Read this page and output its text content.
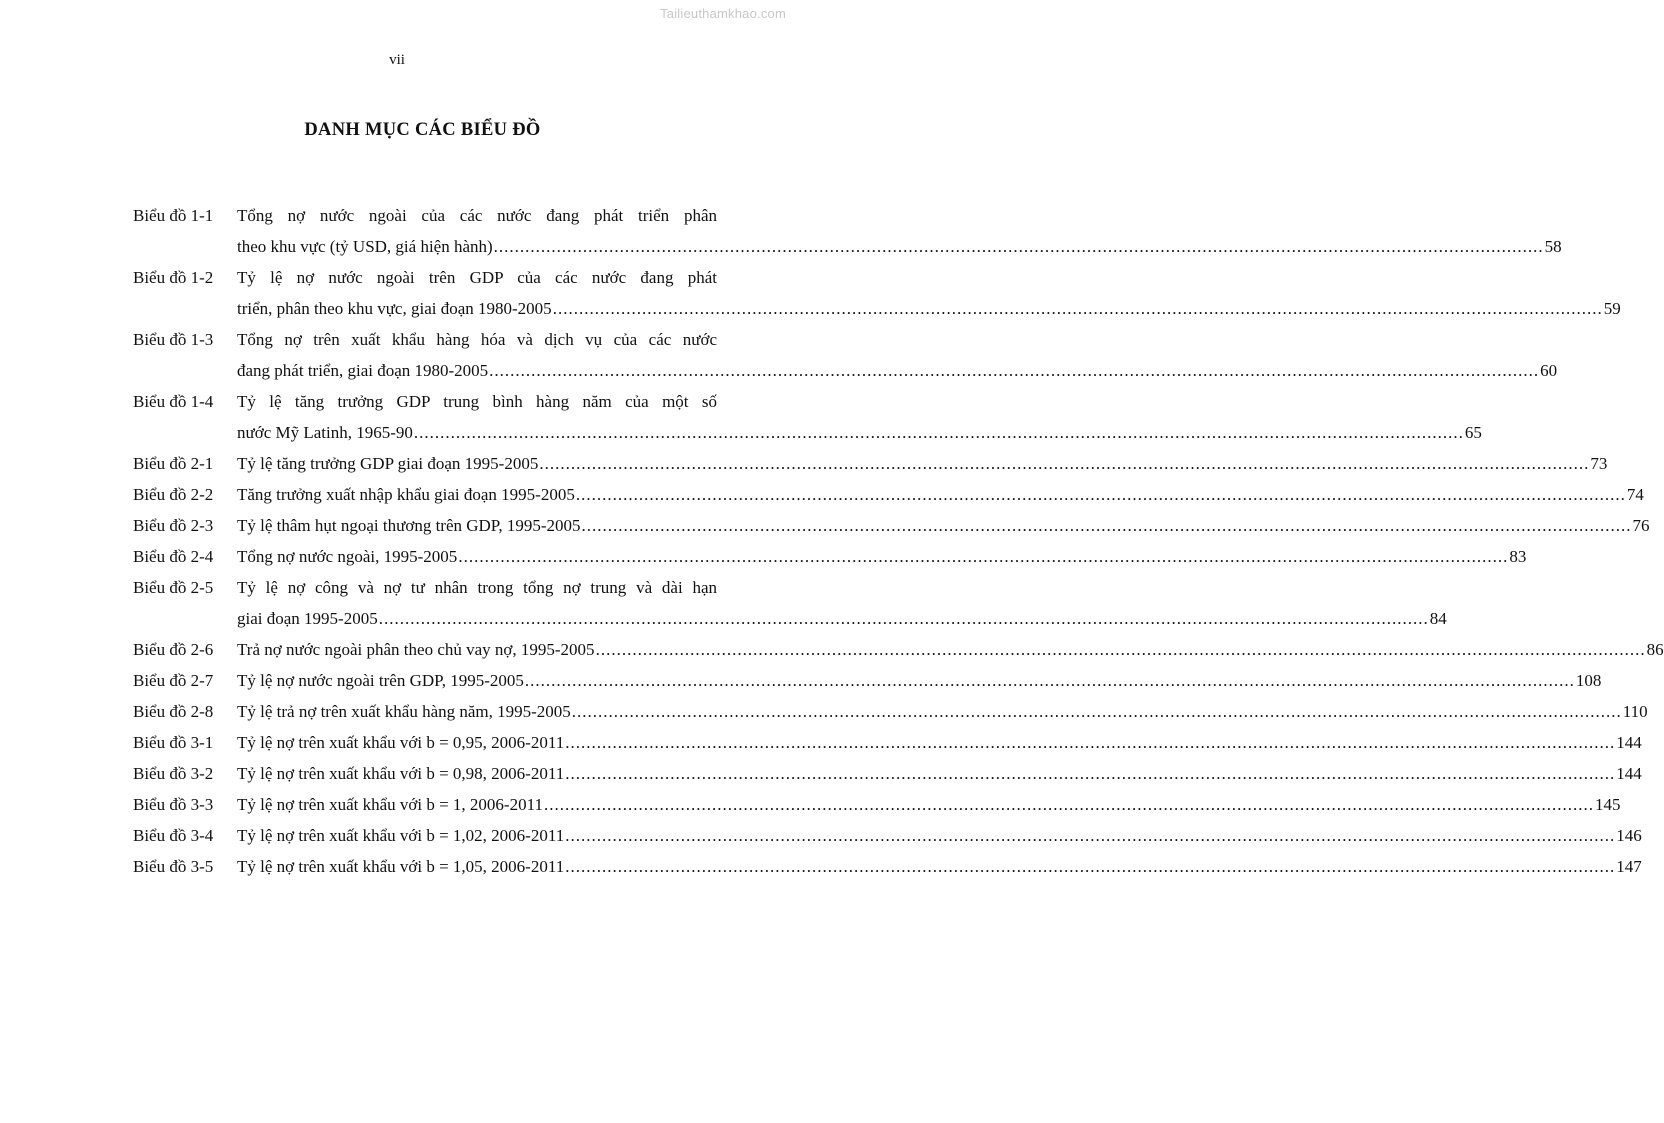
Tailieuthamkhao.com
vii
DANH MỤC CÁC BIỂU ĐỒ
Biểu đồ 1-1	Tổng nợ nước ngoài của các nước đang phát triển phân
theo khu vực (tỷ USD, giá hiện hành) ........................................................................................................................................................................................................ 58
Biểu đồ 1-2	Tỷ lệ nợ nước ngoài trên GDP của các nước đang phát
triển, phân theo khu vực, giai đoạn 1980-2005 ........................................................................................................................................................................................................ 59
Biểu đồ 1-3	Tổng nợ trên xuất khẩu hàng hóa và dịch vụ của các nước
đang phát triển, giai đoạn 1980-2005 ........................................................................................................................................................................................................ 60
Biểu đồ 1-4	Tỷ lệ tăng trưởng GDP trung bình hàng năm của một số
nước Mỹ Latinh, 1965-90 ........................................................................................................................................................................................................ 65
Biểu đồ 2-1	Tỷ lệ tăng trưởng GDP giai đoạn 1995-2005 ........................................................................................................................................................................................................ 73
Biểu đồ 2-2	Tăng trưởng xuất nhập khẩu giai đoạn 1995-2005 ........................................................................................................................................................................................................ 74
Biểu đồ 2-3	Tỷ lệ thâm hụt ngoại thương trên GDP, 1995-2005 ........................................................................................................................................................................................................ 76
Biểu đồ 2-4	Tổng nợ nước ngoài, 1995-2005 ........................................................................................................................................................................................................ 83
Biểu đồ 2-5	Tỷ lệ nợ công và nợ tư nhân trong tổng nợ trung và dài hạn
giai đoạn 1995-2005 ........................................................................................................................................................................................................ 84
Biểu đồ 2-6	Trả nợ nước ngoài phân theo chủ vay nợ, 1995-2005 ........................................................................................................................................................................................................ 86
Biểu đồ 2-7	Tỷ lệ nợ nước ngoài trên GDP, 1995-2005 ........................................................................................................................................................................................................ 108
Biểu đồ 2-8	Tỷ lệ trả nợ trên xuất khẩu hàng năm, 1995-2005 ........................................................................................................................................................................................................ 110
Biểu đồ 3-1	Tỷ lệ nợ trên xuất khẩu với b = 0,95, 2006-2011 ........................................................................................................................................................................................................ 144
Biểu đồ 3-2	Tỷ lệ nợ trên xuất khẩu với b = 0,98, 2006-2011 ........................................................................................................................................................................................................ 144
Biểu đồ 3-3	Tỷ lệ nợ trên xuất khẩu với b = 1, 2006-2011 ........................................................................................................................................................................................................ 145
Biểu đồ 3-4	Tỷ lệ nợ trên xuất khẩu với b = 1,02, 2006-2011 ........................................................................................................................................................................................................ 146
Biểu đồ 3-5	Tỷ lệ nợ trên xuất khẩu với b = 1,05, 2006-2011 ........................................................................................................................................................................................................ 147
